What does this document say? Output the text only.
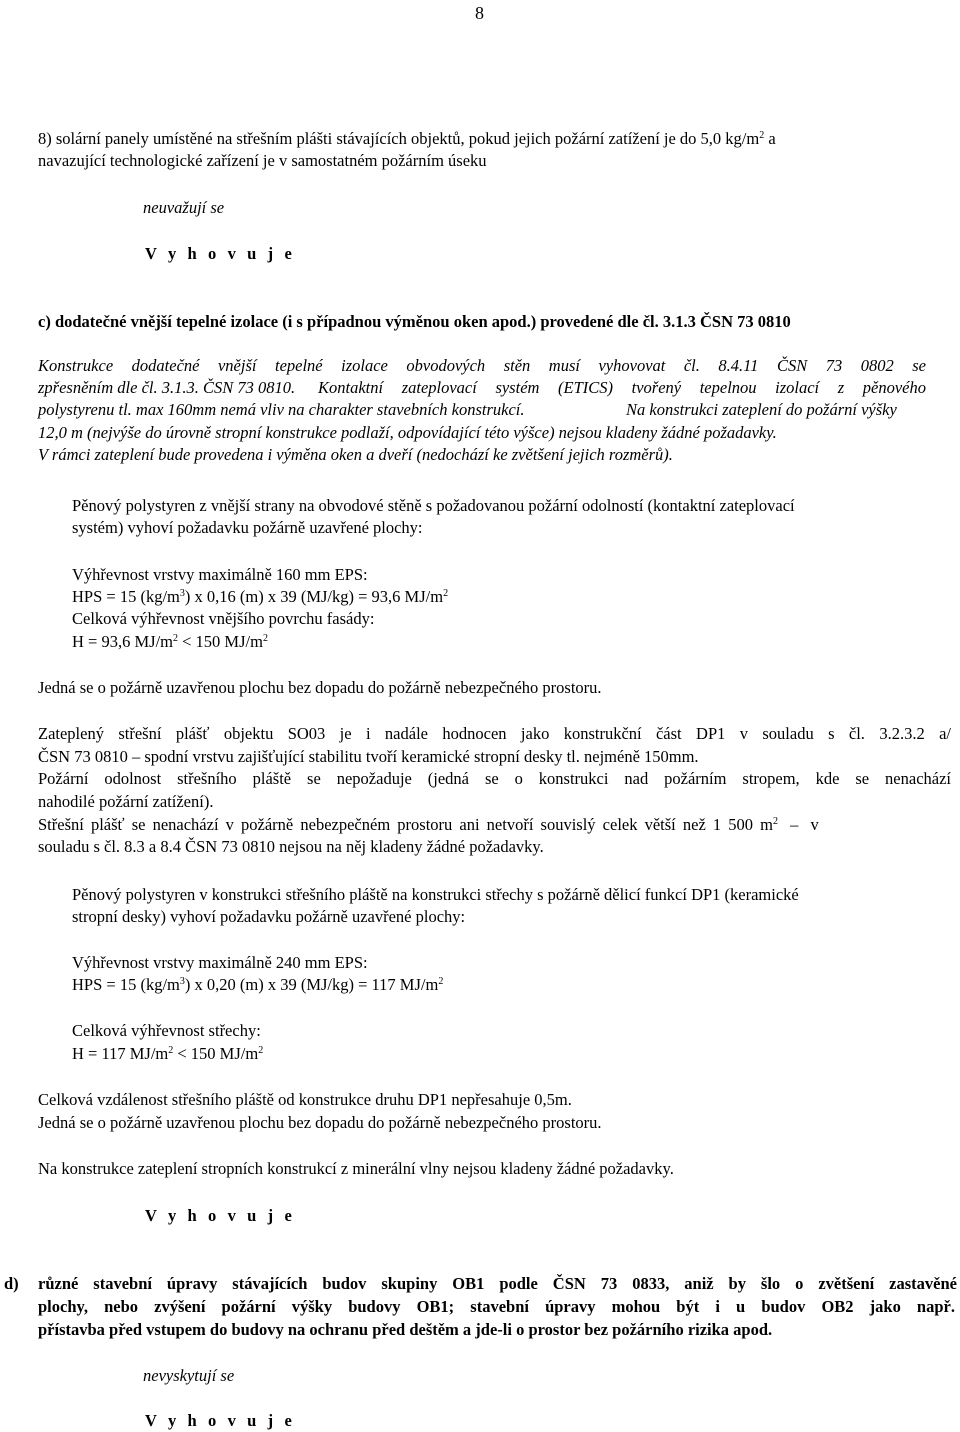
8
8) solární panely umístěné na střešním plášti stávajících objektů, pokud jejich požární zatížení je do 5,0 $kg/m^2$ a
navazující technologické zařízení je v samostatném požárním úseku
neuvažují se
V y h o v u j e
c) dodatečné vnější tepelné izolace (i s případnou výměnou oken apod.) provedené dle čl. 3.1.3 ČSN 73 0810
Konstrukce dodatečné vnější tepelné izolace obvodových stěn musí vyhovovat čl. 8.4.11 ČSN 73 0802 se
zpřesněním dle čl. 3.1.3. ČSN 73 0810. Kontaktní zateplovací systém (ETICS) tvořený tepelnou izolací z pěnového
polystyrenu tl. max 160mm nemá vliv na charakter stavebních konstrukcí.	Na konstrukci zateplení do požární výšky
12,0 m (nejvýše do úrovně stropní konstrukce podlaží, odpovídající této výšce) nejsou kladeny žádné požadavky.
V rámci zateplení bude provedena i výměna oken a dveří (nedochází ke zvětšení jejich rozměrů).
Pěnový polystyren z vnější strany na obvodové stěně s požadovanou požární odolností (kontaktní zateplovací
systém) vyhoví požadavku požárně uzavřené plochy:
Výhřevnost vrstvy maximálně 160 mm EPS:
HPS = 15 $(kg/m^3)$ x 0,16 (m) x 39 (MJ/kg) = 93,6 $MJ/m^2$
Celková výhřevnost vnějšího povrchu fasády:
H = 93,6 $MJ/m^2 < 150$ $MJ/m^2$
Jedná se o požárně uzavřenou plochu bez dopadu do požárně nebezpečného prostoru.
Zateplený střešní plášť objektu SO03 je i nadále hodnocen jako konstrukční část DP1 v souladu s čl. 3.2.3.2 a/
ČSN 73 0810 – spodní vrstvu zajišťující stabilitu tvoří keramické stropní desky tl. nejméně 150mm.
Požární odolnost střešního pláště se nepožaduje (jedná se o konstrukci nad požárním stropem, kde se nenachází
nahodilé požární zatížení).
Střešní plášť se nenachází v požárně nebezpečném prostoru ani netvoří souvislý celek větší než 1 500 $m^2$ – v
souladu s čl. 8.3 a 8.4 ČSN 73 0810 nejsou na něj kladeny žádné požadavky.
Pěnový polystyren v konstrukci střešního pláště na konstrukci střechy s požárně dělicí funkcí DP1 (keramické
stropní desky) vyhoví požadavku požárně uzavřené plochy:
Výhřevnost vrstvy maximálně 240 mm EPS:
HPS = 15 $(kg/m^3)$ x 0,20 (m) x 39 (MJ/kg) = 117 $MJ/m^2$
Celková výhřevnost střechy:
H = 117 $MJ/m^2 < 150$ $MJ/m^2$
Celková vzdálenost střešního pláště od konstrukce druhu DP1 nepřesahuje 0,5m.
Jedná se o požárně uzavřenou plochu bez dopadu do požárně nebezpečného prostoru.
Na konstrukce zateplení stropních konstrukcí z minerální vlny nejsou kladeny žádné požadavky.
V y h o v u j e
d) různé stavební úpravy stávajících budov skupiny OB1 podle ČSN 73 0833, aniž by šlo o zvětšení zastavěné
plochy, nebo zvýšení požární výšky budovy OB1; stavební úpravy mohou být i u budov OB2 jako např.
přístavba před vstupem do budovy na ochranu před deštěm a jde-li o prostor bez požárního rizika apod.
nevyskytují se
V y h o v u j e
